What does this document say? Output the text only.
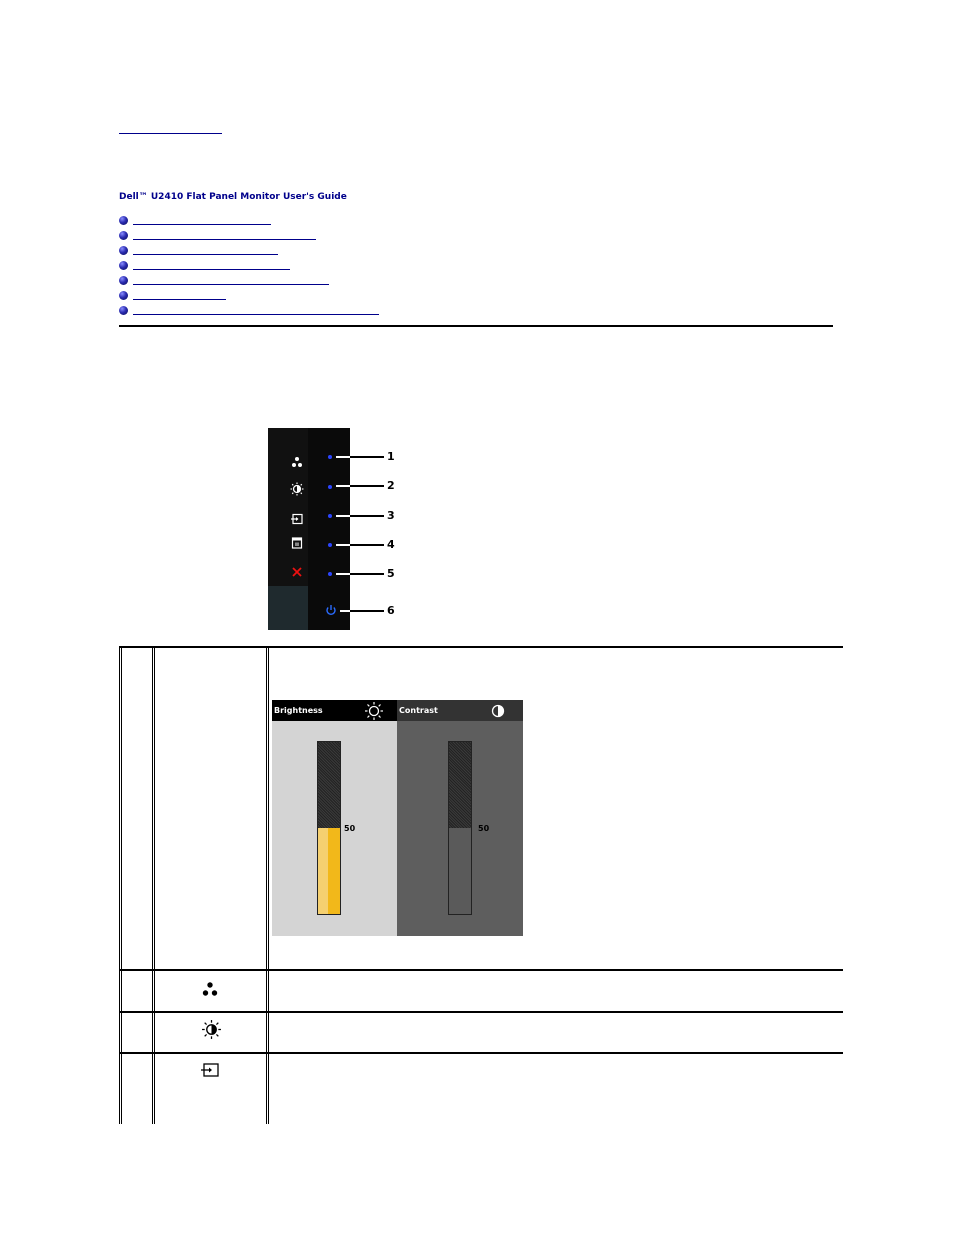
Dell™ U2410 Flat Panel Monitor User's Guide
1
2
3
4
5
6
Brightness
50
Contrast
50
